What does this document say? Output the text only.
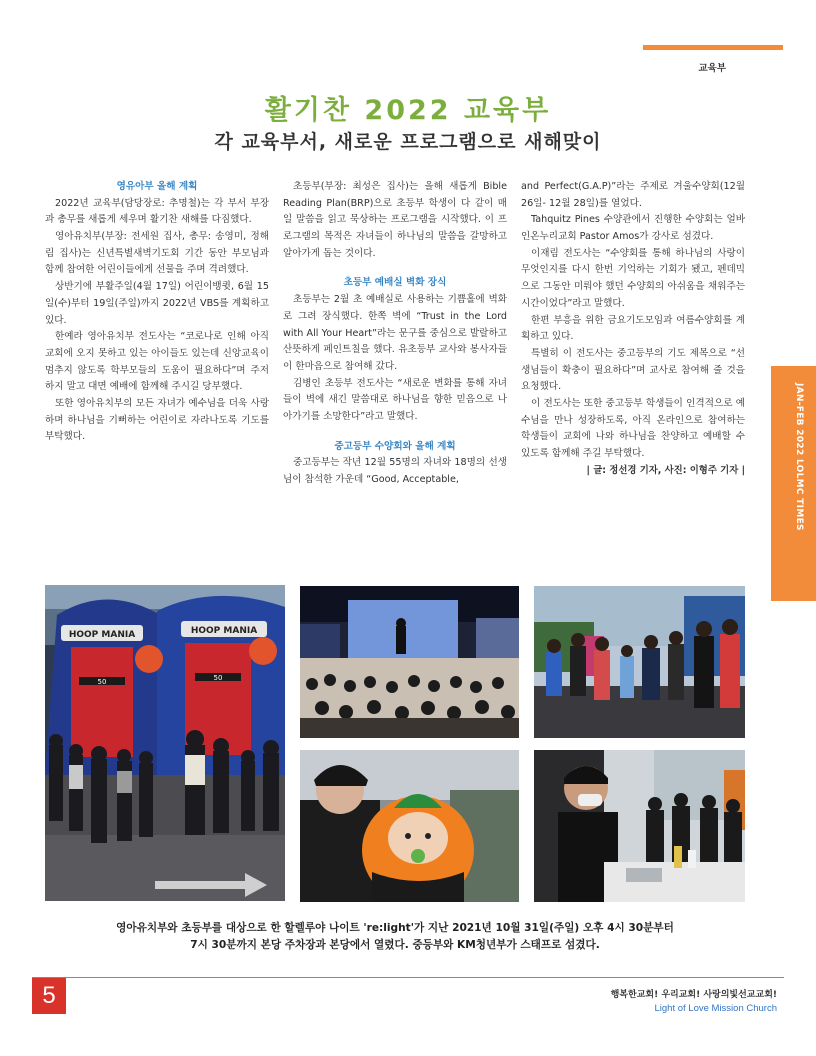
교육부
활기찬 2022 교육부
각 교육부서, 새로운 프로그램으로 새해맞이
영유아부 올해 계획

2022년 교육부(담당장로: 추명철)는 각 부서 부장과 총무를 새롭게 세우며 활기찬 새해를 다짐했다.

영아유치부(부장: 전세원 집사, 총무: 송영미, 정해림 집사)는 신년특별새벽기도회 기간 동안 부모님과 함께 참여한 어린이들에게 선물을 주며 격려했다.

상반기에 부활주일(4월 17일) 어린이뱅큇, 6월 15일(수)부터 19일(주일)까지 2022년 VBS를 계획하고 있다.

한예라 영아유치부 전도사는 “코로나로 인해 아직 교회에 오지 못하고 있는 아이들도 있는데 신앙교육이 멈추지 않도록 학부모들의 도움이 필요하다”며 주저하지 말고 대면 예배에 함께해 주시길 당부했다.

또한 영아유치부의 모든 자녀가 예수님을 더욱 사랑하며 하나님을 기뻐하는 어린이로 자라나도록 기도를 부탁했다.

초등부(부장: 최성은 집사)는 올해 새롭게 Bible Reading Plan(BRP)으로 초등부 학생이 다 같이 매일 말씀을 읽고 묵상하는 프로그램을 시작했다. 이 프로그램의 목적은 자녀들이 하나님의 말씀을 갈망하고 알아가게 돕는 것이다.

초등부 예배실 벽화 장식

초등부는 2월 초 예배실로 사용하는 기쁨홀에 벽화로 그려 장식했다. 한쪽 벽에 “Trust in the Lord with All Your Heart”라는 문구를 중심으로 발랄하고 산뜻하게 페인트칠을 했다. 유초등부 교사와 봉사자들이 한마음으로 참여해 갔다.

김병인 초등부 전도사는 “새로운 변화를 통해 자녀들이 벽에 새긴 말씀대로 하나님을 향한 믿음으로 나아가기를 소망한다”라고 말했다.

중고등부 수양회와 올해 계획

중고등부는 작년 12월 55명의 자녀와 18명의 선생님이 참석한 가운데 “Good, Acceptable,

and Perfect(G.A.P)”라는 주제로 겨울수양회(12월 26일- 12월 28일)를 열었다.

Tahquitz Pines 수양관에서 진행한 수양회는 얼바인온누리교회 Pastor Amos가 강사로 섬겼다.

이재림 전도사는 “수양회를 통해 하나님의 사랑이 무엇인지를 다시 한번 기억하는 기회가 됐고, 펜데믹으로 그동안 미뤄야 했던 수양회의 아쉬움을 채워주는 시간이었다”라고 말했다.

한편 부흥을 위한 금요기도모임과 여름수양회를 계획하고 있다.

특별히 이 전도사는 중고등부의 기도 제목으로 “선생님들이 확충이 필요하다”며 교사로 참여해 줄 것을 요청했다.

이 전도사는 또한 중고등부 학생들이 인격적으로 예수님을 만나 성장하도록, 아직 온라인으로 참여하는 학생들이 교회에 나와 하나님을 찬양하고 예배할 수 있도록 함께해 주길 부탁했다.

| 글: 정선경 기자, 사진: 이형주 기자 |	JAN-FEB 2022 LOLMC TIMES
HOOP MANIA	HOOP MANIA
50	50
영아유치부와 초등부를 대상으로 한 할렐루야 나이트 're:light'가 지난 2021년 10월 31일(주일) 오후 4시 30분부터
7시 30분까지 본당 주차장과 본당에서 열렸다. 중등부와 KM청년부가 스태프로 섬겼다.
5	행복한교회! 우리교회! 사랑의빛선교교회!
Light of Love Mission Church
